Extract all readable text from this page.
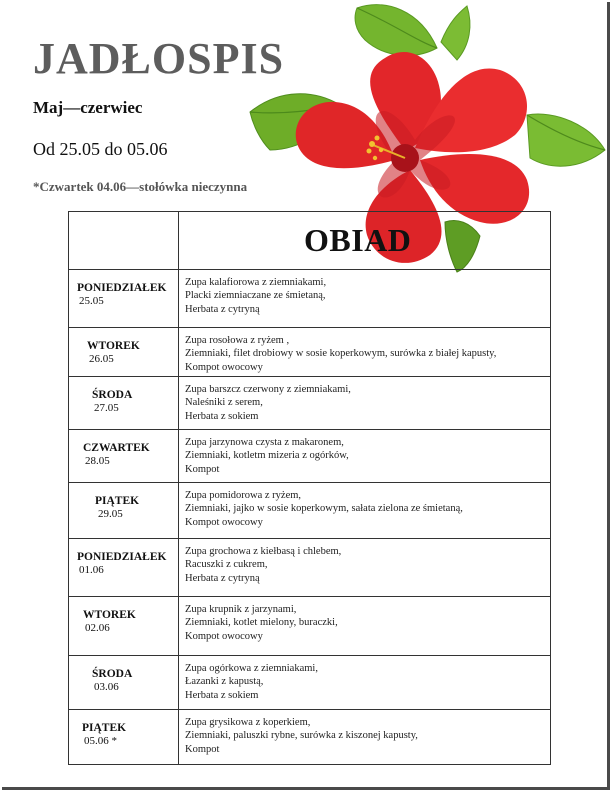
JADŁOSPIS
Maj—czerwiec
Od 25.05 do 05.06
*Czwartek 04.06—stołówka nieczynna

	OBIAD

PONIEDZIAŁEK
25.05	Zupa kalafiorowa z ziemniakami,
Placki ziemniaczane ze śmietaną,
Herbata z cytryną

WTOREK
26.05	Zupa rosołowa z ryżem ,
Ziemniaki, filet drobiowy w sosie koperkowym, surówka z białej kapusty,
Kompot owocowy

ŚRODA
27.05	Zupa barszcz czerwony z ziemniakami,
Naleśniki z serem,
Herbata z sokiem

CZWARTEK
28.05	Zupa jarzynowa czysta z makaronem,
Ziemniaki, kotletm mizeria z ogórków,
Kompot

PIĄTEK
29.05	Zupa pomidorowa z ryżem,
Ziemniaki, jajko w sosie koperkowym, sałata zielona ze śmietaną,
Kompot owocowy

PONIEDZIAŁEK
01.06	Zupa grochowa z kiełbasą i chlebem,
Racuszki z cukrem,
Herbata z cytryną

WTOREK
02.06	Zupa krupnik z jarzynami,
Ziemniaki, kotlet mielony, buraczki,
Kompot owocowy

ŚRODA
03.06	Zupa ogórkowa z ziemniakami,
Łazanki z kapustą,
Herbata z sokiem

PIĄTEK
05.06 *	Zupa grysikowa z koperkiem,
Ziemniaki, paluszki rybne, surówka z kiszonej kapusty,
Kompot
